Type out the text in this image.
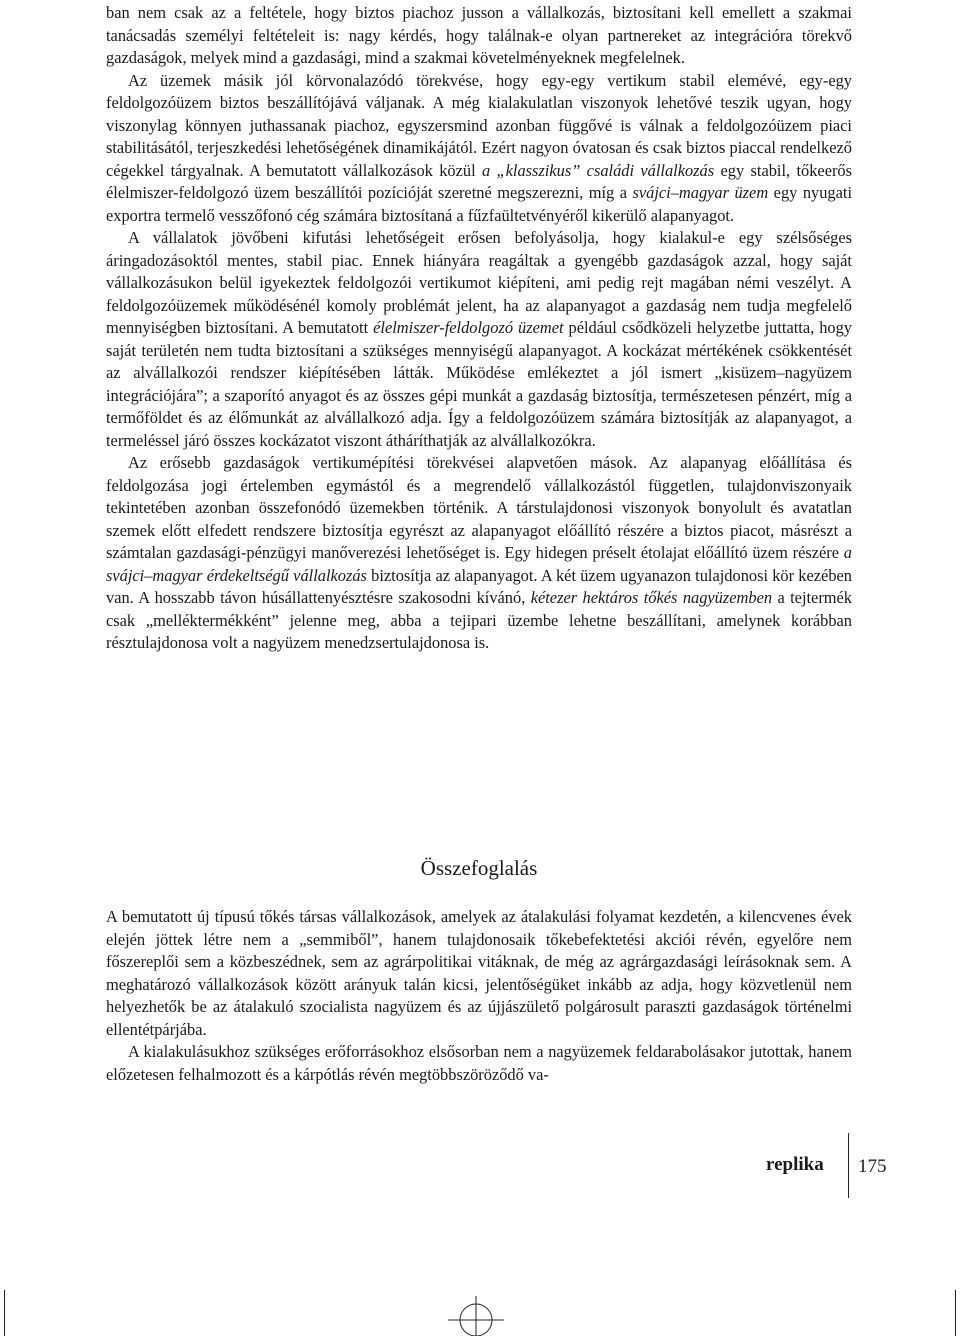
ban nem csak az a feltétele, hogy biztos piachoz jusson a vállalkozás, biztosítani kell emellett a szakmai tanácsadás személyi feltételeit is: nagy kérdés, hogy találnak-e olyan partnereket az integrációra törekvő gazdaságok, melyek mind a gazdasági, mind a szakmai követelményeknek megfelelnek.

Az üzemek másik jól körvonalazódó törekvése, hogy egy-egy vertikum stabil elemévé, egy-egy feldolgozóüzem biztos beszállítójává váljanak. A még kialakulatlan viszonyok lehetővé teszik ugyan, hogy viszonylag könnyen juthassanak piachoz, egyszersmind azonban függővé is válnak a feldolgozóüzem piaci stabilitásától, terjeszkedési lehetőségének dinamikájától. Ezért nagyon óvatosan és csak biztos piaccal rendelkező cégekkel tárgyalnak. A bemutatott vállalkozások közül a „klasszikus” családi vállalkozás egy stabil, tőkeerős élelmiszer-feldolgozó üzem beszállítói pozícióját szeretné megszerezni, míg a svájci–magyar üzem egy nyugati exportra termelő vesszőfonó cég számára biztosítaná a fűzfaültetvényéről kikerülő alapanyagot.

A vállalatok jövőbeni kifutási lehetőségeit erősen befolyásolja, hogy kialakul-e egy szélsőséges áringadozásoktól mentes, stabil piac. Ennek hiányára reagáltak a gyengébb gazdaságok azzal, hogy saját vállalkozásukon belül igyekeztek feldolgozói vertikumot kiépíteni, ami pedig rejt magában némi veszélyt. A feldolgozóüzemek működésénél komoly problémát jelent, ha az alapanyagot a gazdaság nem tudja megfelelő mennyiségben biztosítani. A bemutatott élelmiszer-feldolgozó üzemet például csődközeli helyzetbe juttatta, hogy saját területén nem tudta biztosítani a szükséges mennyiségű alapanyagot. A kockázat mértékének csökkentését az alvállalkozói rendszer kiépítésében látták. Működése emlékeztet a jól ismert „kisüzem–nagyüzem integrációjára”; a szaporító anyagot és az összes gépi munkát a gazdaság biztosítja, természetesen pénzért, míg a termőföldet és az élőmunkát az alvállalkozó adja. Így a feldolgozóüzem számára biztosítják az alapanyagot, a termeléssel járó összes kockázatot viszont átháríthatják az alvállalkozókra.

Az erősebb gazdaságok vertikumépítési törekvései alapvetően mások. Az alapanyag előállítása és feldolgozása jogi értelemben egymástól és a megrendelő vállalkozástól független, tulajdonviszonyaik tekintetében azonban összefonódó üzemekben történik. A társtulajdonosi viszonyok bonyolult és avatatlan szemek előtt elfedett rendszere biztosítja egyrészt az alapanyagot előállító részére a biztos piacot, másrészt a számtalan gazdasági-pénzügyi manőverezési lehetőséget is. Egy hidegen préselt étolajat előállító üzem részére a svájci–magyar érdekeltségű vállalkozás biztosítja az alapanyagot. A két üzem ugyanazon tulajdonosi kör kezében van. A hosszabb távon húsállattenyésztésre szakosodni kívánó, kétezer hektáros tőkés nagyüzemben a tejtermék csak „melléktermékként” jelenne meg, abba a tejipari üzembe lehetne beszállítani, amelynek korábban résztulajdonosa volt a nagyüzem menedzsertulajdonosa is.

Összefoglalás

A bemutatott új típusú tőkés társas vállalkozások, amelyek az átalakulási folyamat kezdetén, a kilencvenes évek elején jöttek létre nem a „semmiből”, hanem tulajdonosaik tőkebefektetési akciói révén, egyelőre nem főszereplői sem a közbeszédnek, sem az agrárpolitikai vitáknak, de még az agrárgazdasági leírásoknak sem. A meghatározó vállalkozások között arányuk talán kicsi, jelentőségüket inkább az adja, hogy közvetlenül nem helyezhetők be az átalakuló szocialista nagyüzem és az újjászülető polgárosult paraszti gazdaságok történelmi ellentétpárjába.

A kialakulásukhoz szükséges erőforrásokhoz elsősorban nem a nagyüzemek feldarabolásakor jutottak, hanem előzetesen felhalmozott és a kárpótlás révén megtöbbszöröződő va-

replika 175
